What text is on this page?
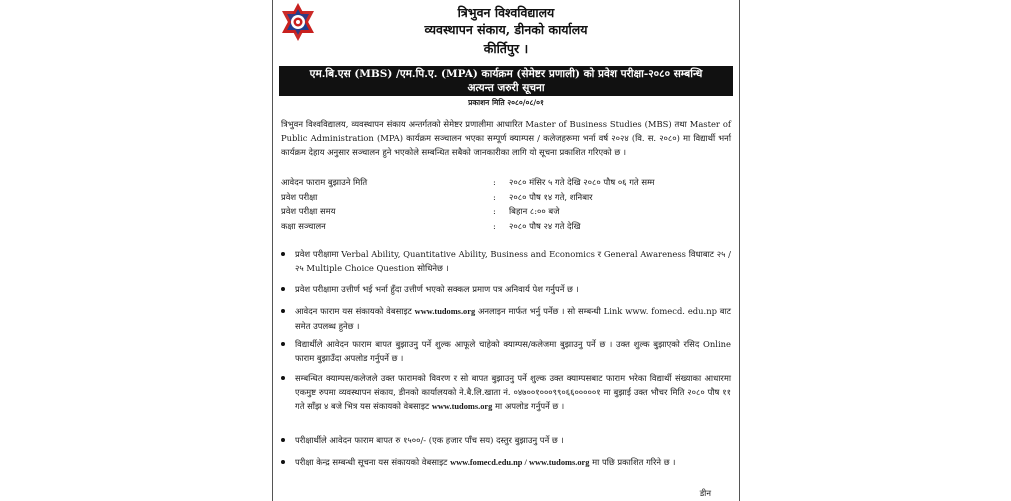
त्रिभुवन विश्वविद्यालय
व्यवस्थापन संकाय, डीनको कार्यालय
कीर्तिपुर ।
एम.बि.एस (MBS) /एम.पि.ए. (MPA) कार्यक्रम (सेमेष्टर प्रणाली) को प्रवेश परीक्षा-२०८० सम्बन्धि
अत्यन्त जरुरी सूचना
प्रकाशन मिति २०८०/०८/०१
त्रिभुवन विश्वविद्यालय, व्यवस्थापन संकाय अन्तर्गतको सेमेष्टर प्रणालीमा आधारित Master of Business Studies (MBS) तथा Master of Public Administration (MPA) कार्यक्रम सञ्चालन भएका सम्पूर्ण क्याम्पस / कलेजहरूमा भर्ना वर्ष २०२४ (वि. स. २०८०) मा विद्यार्थी भर्ना कार्यक्रम देहाय अनुसार सञ्चालन हुने भएकोले सम्बन्धित सबैको जानकारीका लागि यो सूचना प्रकाशित गरिएको छ ।
आवेदन फाराम बुझाउने मिति	: २०८० मंसिर ५ गते देखि २०८० पौष ०६ गते सम्म
प्रवेश परीक्षा	: २०८० पौष १४ गते, शनिबार
प्रवेश परीक्षा समय	: बिहान ८:०० बजे
कक्षा सञ्चालन	: २०८० पौष २४ गते देखि
प्रवेश परीक्षामा Verbal Ability, Quantitative Ability, Business and Economics र General Awareness विधाबाट २५ / २५ Multiple Choice Question सोधिनेछ ।
प्रवेश परीक्षामा उत्तीर्ण भई भर्ना हुँदा उत्तीर्ण भएको सक्कल प्रमाण पत्र अनिवार्य पेश गर्नुपर्ने छ ।
आवेदन फाराम यस संकायको वेबसाइट www.tudoms.org अनलाइन मार्फत भर्नु पर्नेछ । सो सम्बन्धी Link www. fomecd. edu.np बाट समेत उपलब्ध हुनेछ ।
विद्यार्थीले आवेदन फाराम बापत बुझाउनु पर्ने शुल्क आफूले चाहेको क्याम्पस/कलेजमा बुझाउनु पर्ने छ । उक्त शुल्क बुझाएको रसिद Online फाराम बुझाउँदा अपलोड गर्नुपर्ने छ ।
सम्बन्धित क्याम्पस/कलेजले उक्त फारामको विवरण र सो बापत बुझाउनु पर्ने शुल्क उक्त क्याम्पसबाट फाराम भरेका विद्यार्थी संख्याका आधारमा एकमुष्ट रुपमा व्यवस्थापन संकाय, डीनको कार्यालयको ने.बै.लि.खाता नं. ०४७००१०००९९०६६०००००१ मा बुझाई उक्त भौचर मिति २०८० पौष ११ गते साँझ ४ बजे भित्र यस संकायको वेबसाइट www.tudoms.org मा अपलोड गर्नुपर्ने छ ।
परीक्षार्थीले आवेदन फाराम बापत रु १५००/- (एक हजार पाँच सय) दस्तुर बुझाउनु पर्ने छ ।
परीक्षा केन्द्र सम्बन्धी सूचना यस संकायको वेबसाइट www.fomecd.edu.np / www.tudoms.org मा पछि प्रकाशित गरिने छ ।
डीन
